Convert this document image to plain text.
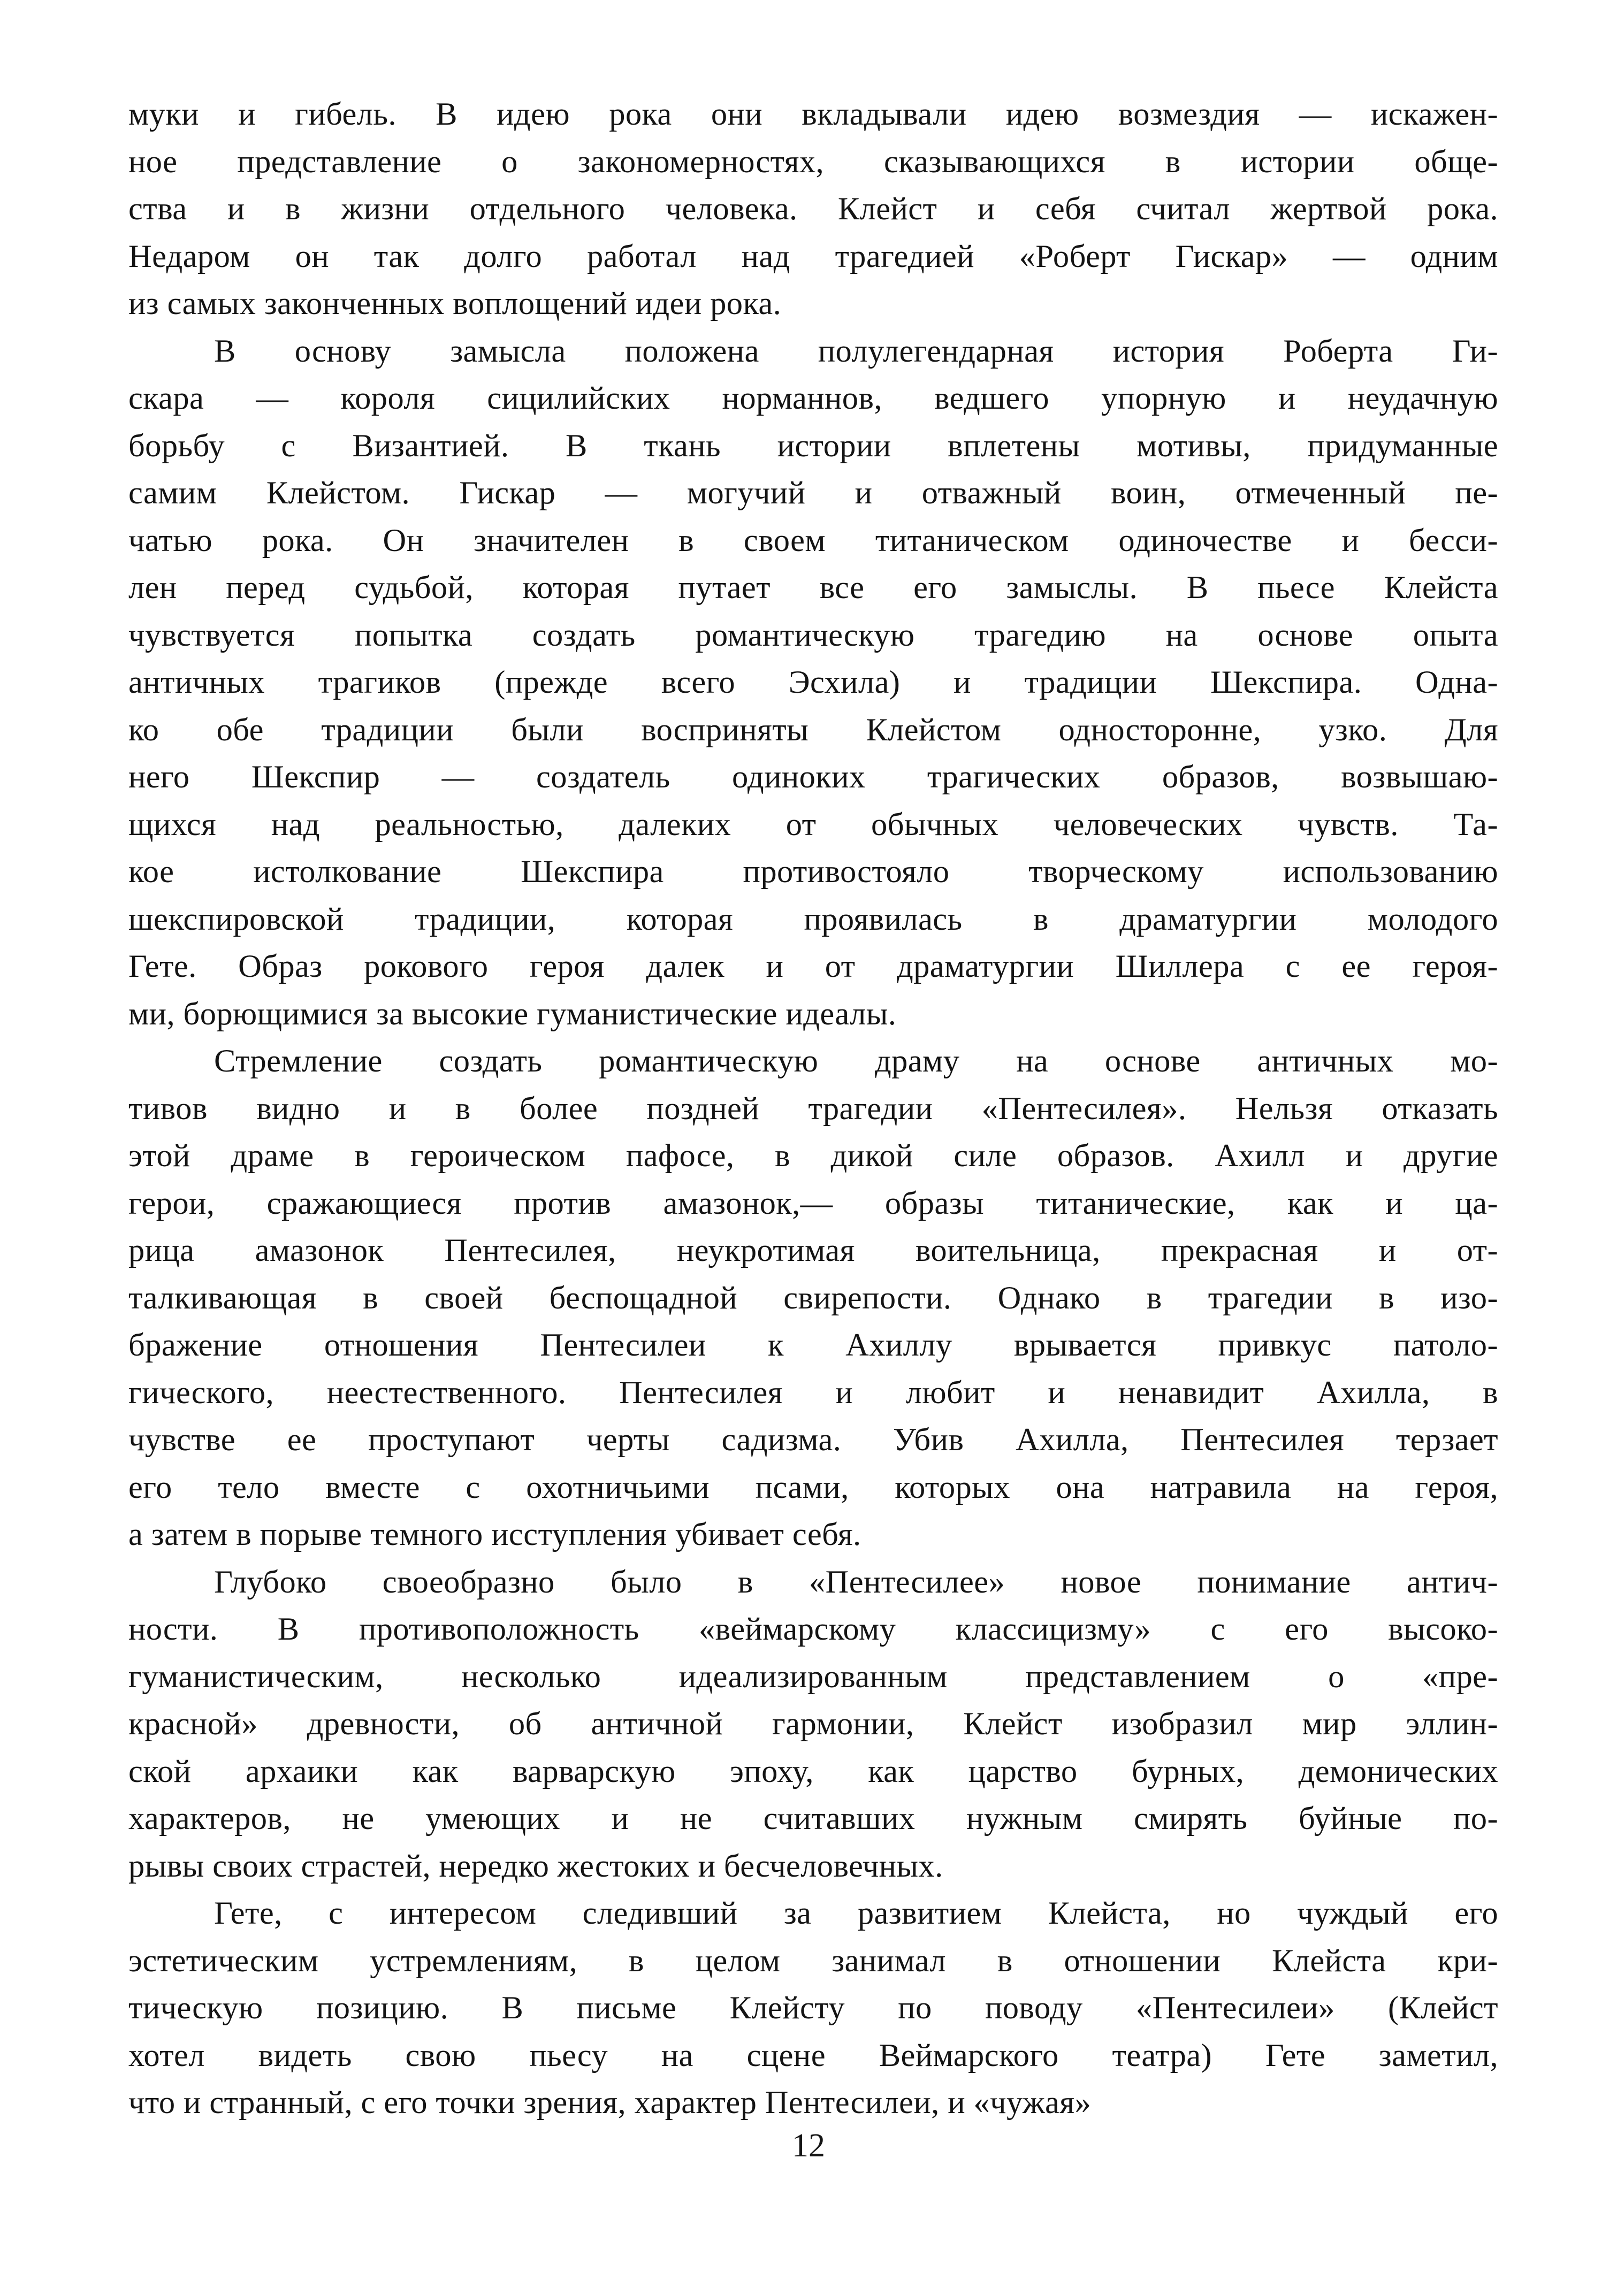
муки и гибель. В идею рока они вкладывали идею возмездия — искажен-
ное представление о закономерностях, сказывающихся в истории обще-
ства и в жизни отдельного человека. Клейст и себя считал жертвой рока.
Недаром он так долго работал над трагедией «Роберт Гискар» — одним
из самых законченных воплощений идеи рока.
В основу замысла положена полулегендарная история Роберта Ги-
скара — короля сицилийских норманнов, ведшего упорную и неудачную
борьбу с Византией. В ткань истории вплетены мотивы, придуманные
самим Клейстом. Гискар — могучий и отважный воин, отмеченный пе-
чатью рока. Он значителен в своем титаническом одиночестве и бесси-
лен перед судьбой, которая путает все его замыслы. В пьесе Клейста
чувствуется попытка создать романтическую трагедию на основе опыта
античных трагиков (прежде всего Эсхила) и традиции Шекспира. Одна-
ко обе традиции были восприняты Клейстом односторонне, узко. Для
него Шекспир — создатель одиноких трагических образов, возвышаю-
щихся над реальностью, далеких от обычных человеческих чувств. Та-
кое истолкование Шекспира противостояло творческому использованию
шекспировской традиции, которая проявилась в драматургии молодого
Гете. Образ рокового героя далек и от драматургии Шиллера с ее героя-
ми, борющимися за высокие гуманистические идеалы.
Стремление создать романтическую драму на основе античных мо-
тивов видно и в более поздней трагедии «Пентесилея». Нельзя отказать
этой драме в героическом пафосе, в дикой силе образов. Ахилл и другие
герои, сражающиеся против амазонок,— образы титанические, как и ца-
рица амазонок Пентесилея, неукротимая воительница, прекрасная и от-
талкивающая в своей беспощадной свирепости. Однако в трагедии в изо-
бражение отношения Пентесилеи к Ахиллу врывается привкус патоло-
гического, неестественного. Пентесилея и любит и ненавидит Ахилла, в
чувстве ее проступают черты садизма. Убив Ахилла, Пентесилея терзает
его тело вместе с охотничьими псами, которых она натравила на героя,
а затем в порыве темного исступления убивает себя.
Глубоко своеобразно было в «Пентесилее» новое понимание антич-
ности. В противоположность «веймарскому классицизму» с его высоко-
гуманистическим, несколько идеализированным представлением о «пре-
красной» древности, об античной гармонии, Клейст изобразил мир эллин-
ской архаики как варварскую эпоху, как царство бурных, демонических
характеров, не умеющих и не считавших нужным смирять буйные по-
рывы своих страстей, нередко жестоких и бесчеловечных.
Гете, с интересом следивший за развитием Клейста, но чуждый его
эстетическим устремлениям, в целом занимал в отношении Клейста кри-
тическую позицию. В письме Клейсту по поводу «Пентесилеи» (Клейст
хотел видеть свою пьесу на сцене Веймарского театра) Гете заметил,
что и странный, с его точки зрения, характер Пентесилеи, и «чужая»
12
